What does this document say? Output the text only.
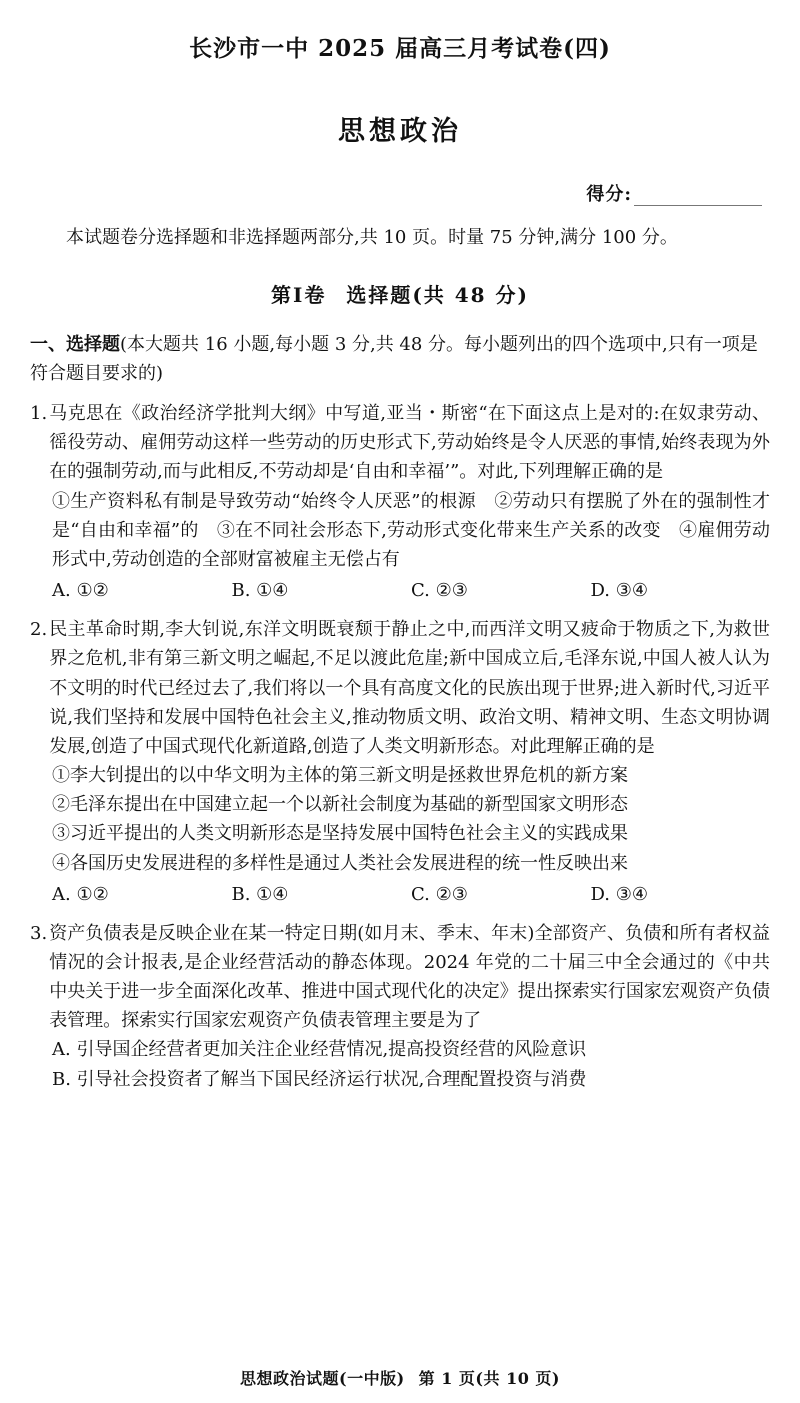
长沙市一中 2025 届高三月考试卷(四)
思想政治
得分:
本试题卷分选择题和非选择题两部分,共 10 页。时量 75 分钟,满分 100 分。
第Ⅰ卷 选择题(共 48 分)
一、选择题(本大题共 16 小题,每小题 3 分,共 48 分。每小题列出的四个选项中,只有一项是符合题目要求的)
1. 马克思在《政治经济学批判大纲》中写道,亚当・斯密“在下面这点上是对的:在奴隶劳动、徭役劳动、雇佣劳动这样一些劳动的历史形式下,劳动始终是令人厌恶的事情,始终表现为外在的强制劳动,而与此相反,不劳动却是‘自由和幸福’”。对此,下列理解正确的是
①生产资料私有制是导致劳动“始终令人厌恶”的根源　②劳动只有摆脱了外在的强制性才是“自由和幸福”的　③在不同社会形态下,劳动形式变化带来生产关系的改变　④雇佣劳动形式中,劳动创造的全部财富被雇主无偿占有
A. ①②	B. ①④	C. ②③	D. ③④
2. 民主革命时期,李大钊说,东洋文明既衰颓于静止之中,而西洋文明又疲命于物质之下,为救世界之危机,非有第三新文明之崛起,不足以渡此危崖;新中国成立后,毛泽东说,中国人被人认为不文明的时代已经过去了,我们将以一个具有高度文化的民族出现于世界;进入新时代,习近平说,我们坚持和发展中国特色社会主义,推动物质文明、政治文明、精神文明、生态文明协调发展,创造了中国式现代化新道路,创造了人类文明新形态。对此理解正确的是
①李大钊提出的以中华文明为主体的第三新文明是拯救世界危机的新方案
②毛泽东提出在中国建立起一个以新社会制度为基础的新型国家文明形态
③习近平提出的人类文明新形态是坚持发展中国特色社会主义的实践成果
④各国历史发展进程的多样性是通过人类社会发展进程的统一性反映出来
A. ①②	B. ①④	C. ②③	D. ③④
3. 资产负债表是反映企业在某一特定日期(如月末、季末、年末)全部资产、负债和所有者权益情况的会计报表,是企业经营活动的静态体现。2024 年党的二十届三中全会通过的《中共中央关于进一步全面深化改革、推进中国式现代化的决定》提出探索实行国家宏观资产负债表管理。探索实行国家宏观资产负债表管理主要是为了
A. 引导国企经营者更加关注企业经营情况,提高投资经营的风险意识
B. 引导社会投资者了解当下国民经济运行状况,合理配置投资与消费
思想政治试题(一中版) 第 1 页(共 10 页)
